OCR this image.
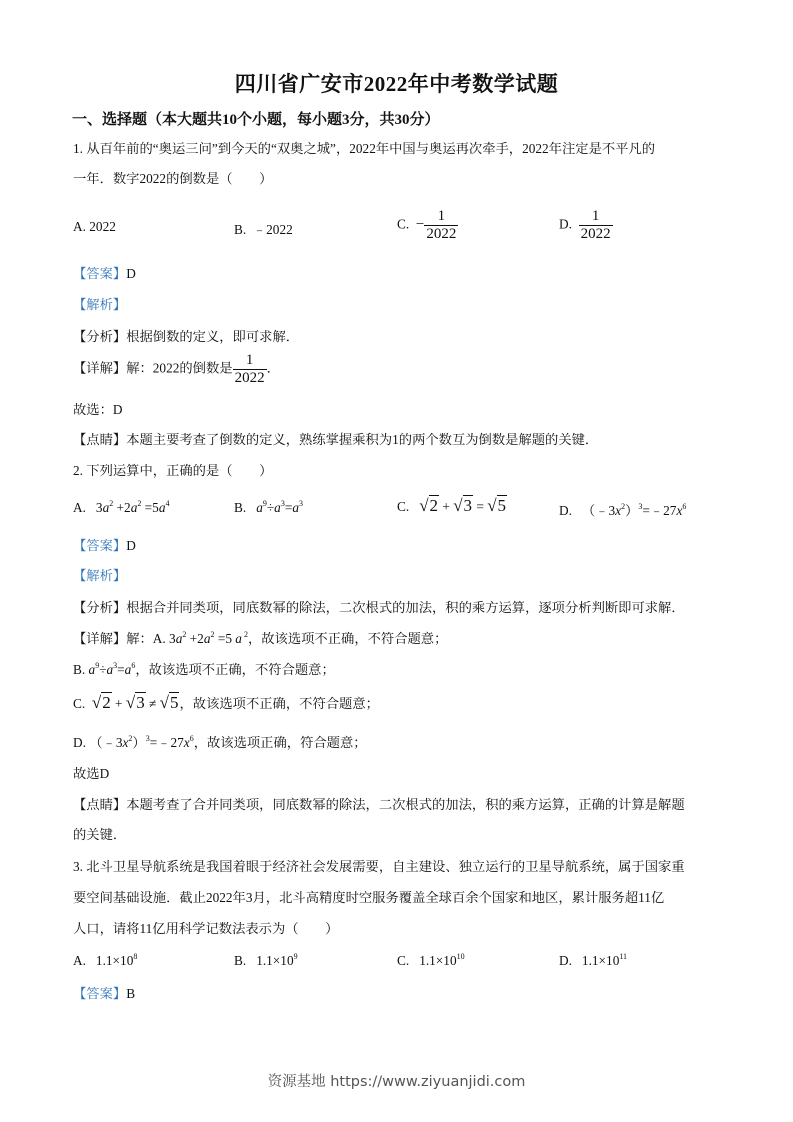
四川省广安市2022年中考数学试题
一、选择题（本大题共10个小题，每小题3分，共30分）
1. 从百年前的“奥运三问”到今天的“双奥之城”，2022年中国与奥运再次牵手，2022年注定是不平凡的
一年．数字2022的倒数是（　　）
A. 2022	B. ﹣2022	C. − $\frac{1}{2022}$	D. $\frac{1}{2022}$
【答案】D
【解析】
【分析】根据倒数的定义，即可求解．
【详解】解：2022的倒数是 $\frac{1}{2022}$ ．
故选：D
【点睛】本题主要考查了倒数的定义，熟练掌握乘积为1的两个数互为倒数是解题的关键．
2. 下列运算中，正确的是（　　）
A.   $3a^2 +2a^2 =5a^4$	B. $a^9\div a^3=a^3$	C. √2 + √3 = √5	D.   $(﹣3x^2)^3=﹣27x^6$
【答案】D
【解析】
【分析】根据合并同类项，同底数幂的除法，二次根式的加法，积的乘方运算，逐项分析判断即可求解．
【详解】解：A. $3a^2 +2a^2 =5$ a $^2$，故该选项不正确，不符合题意；
B. $a^9\div a^3=a^6$，故该选项不正确，不符合题意；
C.  √2 + √3 ≠ √5，故该选项不正确，不符合题意；
D. $(﹣3x^2)^3=﹣27x^6$，故该选项正确，符合题意；
故选D
【点睛】本题考查了合并同类项，同底数幂的除法，二次根式的加法，积的乘方运算，正确的计算是解题
的关键．
3. 北斗卫星导航系统是我国着眼于经济社会发展需要，自主建设、独立运行的卫星导航系统，属于国家重
要空间基础设施．截止2022年3月，北斗高精度时空服务覆盖全球百余个国家和地区，累计服务超11亿
人口，请将11亿用科学记数法表示为（　　）
A. $1.1\times 10^8$	B. $1.1\times 10^9$	C. $1.1\times 10^{10}$	D. $1.1\times 10^{11}$
【答案】B
资源基地 https://www.ziyuanjidi.com
